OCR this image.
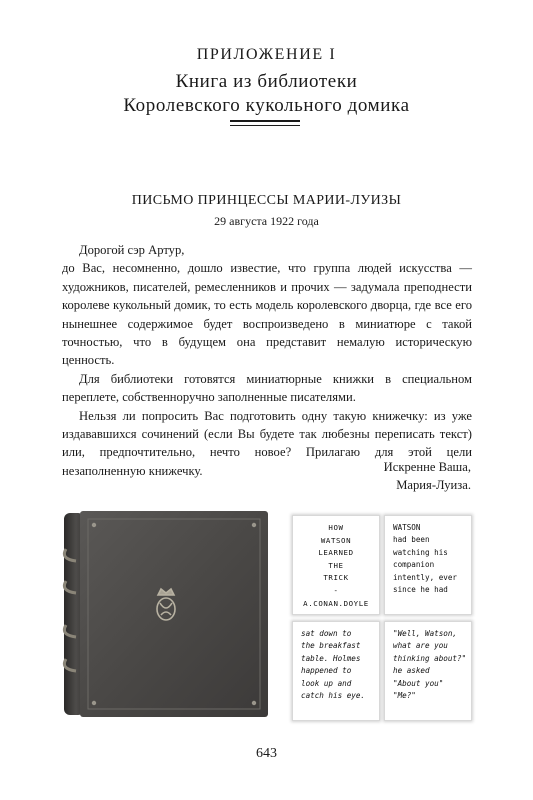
ПРИЛОЖЕНИЕ I
Книга из библиотеки
Королевского кукольного домика
ПИСЬМО ПРИНЦЕССЫ МАРИИ-ЛУИЗЫ
29 августа 1922 года

Дорогой сэр Артур,

до Вас, несомненно, дошло известие, что группа людей искусства — художников, писателей, ремесленников и прочих — задумала преподнести королеве кукольный домик, то есть модель королевского дворца, где все его нынешнее содержимое будет воспроизведено в миниатюре с такой точностью, что в будущем она представит немалую историческую ценность.

Для библиотеки готовятся миниатюрные книжки в специальном переплете, собственноручно заполненные писателями.

Нельзя ли попросить Вас подготовить одну такую книжечку: из уже издававшихся сочинений (если Вы будете так любезны переписать текст) или, предпочтительно, нечто новое? Прилагаю для этой цели незаполненную книжечку.	Искренне Ваша,
Мария-Луиза.
HOW
WATSON
LEARNED
THE
TRICK
-
A.CONAN.DOYLE
WATSON
had been
watching his
companion
intently, ever
since he had
sat down to
the breakfast
table. Holmes
happened to
look up and
catch his eye.
"Well, Watson,
what are you
thinking about?"
he asked
"About you"
"Me?"
643
